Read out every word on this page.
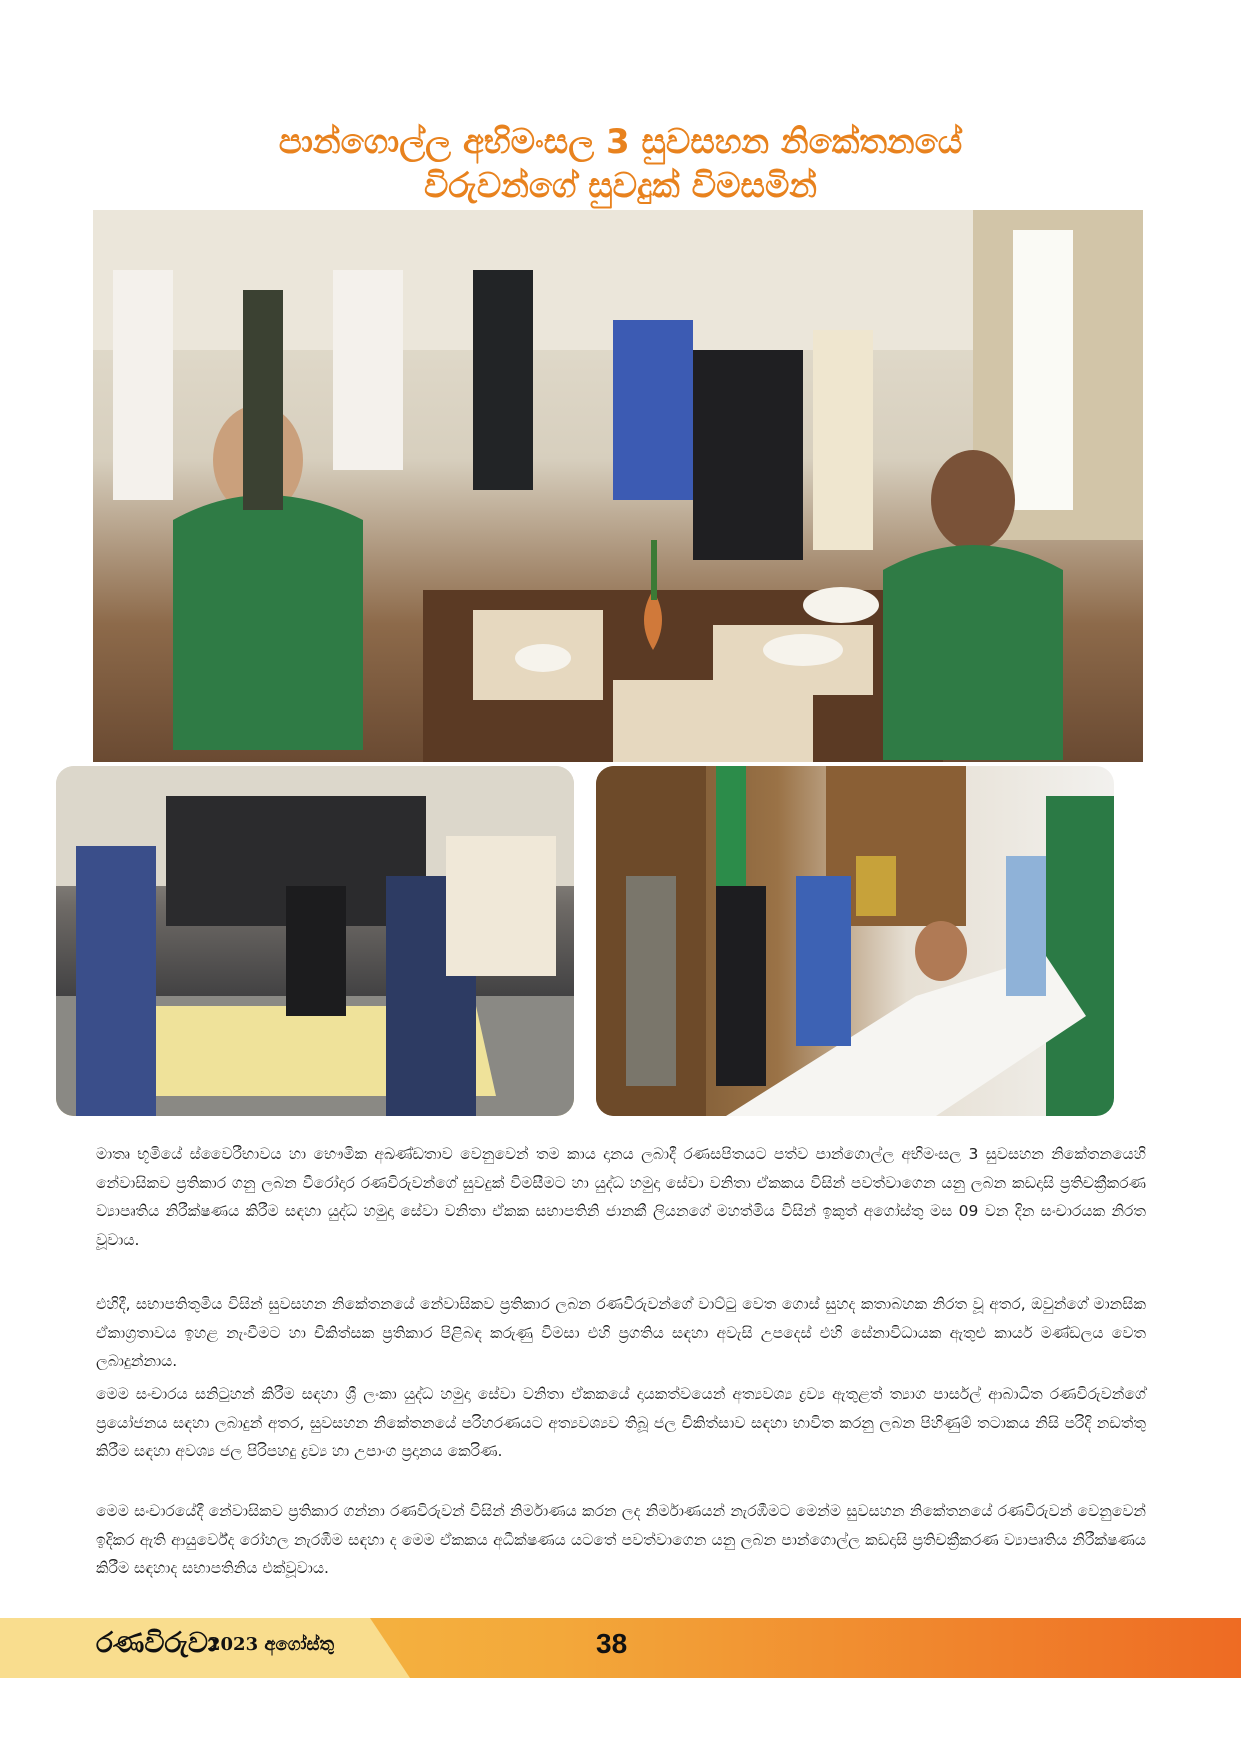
පාන්ගොල්ල අභිමංසල 3 සුවසහන නිකේතනයේ
විරුවන්ගේ සුවදුක් විමසමින්
මාතෘ භූමියේ ස්වෛරීභාවය හා භෞමික අඛණ්ඩතාව වෙනුවෙන් තම කාය දානය ලබාදී රණසපිතයට පත්ව පාන්ගොල්ල අභිමංසල 3 සුවසහන නිකේතනයෙහි නේවාසිකව ප්‍රතිකාර ගනු ලබන වීරෝදාර රණවිරුවන්ගේ සුවදුක් විමසීමට හා යුද්ධ හමුදා සේවා වනිතා ඒකකය විසින් පවත්වාගෙන යනු ලබන කඩදාසි ප්‍රතිචක්‍රීකරණ ව්‍යාපෘතිය නිරීක්ෂණය කිරීම සඳහා යුද්ධ හමුදා සේවා වනිතා ඒකක සභාපතිනි ජානකී ලියනගේ මහත්මිය විසින් ඉකුත් අගෝස්තු මස 09 වන දින සංචාරයක නිරත වූවාය.
එහිදී, සභාපතිතුමිය විසින් සුවසහන නිකේතනයේ නේවාසිකව ප්‍රතිකාර ලබන රණවිරුවන්ගේ වාට්ටු වෙත ගොස් සුහද කතාබහක නිරත වූ අතර, ඔවුන්ගේ මානසික ඒකාග්‍රතාවය ඉහළ නැංවීමට හා චිකිත්සක ප්‍රතිකාර පිළිබඳ කරුණු විමසා එහි ප්‍රගතිය සඳහා අවැසි උපදෙස් එහි සේනාවිධායක ඇතුළු කාර්ය මණ්ඩලය වෙත ලබාදුන්නාය.
මෙම සංචාරය සනිටුහන් කිරීම සඳහා ශ්‍රී ලංකා යුද්ධ හමුදා සේවා වනිතා ඒකකයේ දායකත්වයෙන් අත්‍යවශ්‍ය ද්‍රව්‍ය ඇතුළත් ත්‍යාග පාර්සල් ආබාධිත රණවිරුවන්ගේ ප්‍රයෝජනය සඳහා ලබාදුන් අතර, සුවසහන නිකේතනයේ පරිහරණයට අත්‍යවශ්‍යව තිබූ ජල චිකිත්සාව සඳහා භාවිත කරනු ලබන පිහිණුම් තටාකය නිසි පරිදි නඩත්තු කිරීම සඳහා අවශ්‍ය ජල පිරිපහදු ද්‍රව්‍ය හා උපාංග ප්‍රදානය කෙරිණ.
මෙම සංචාරයේදී නේවාසිකව ප්‍රතිකාර ගන්නා රණවිරුවන් විසින් නිර්මාණය කරන ලද නිර්මාණයන් නැරඹීමට මෙන්ම සුවසහන නිකේතනයේ රණවිරුවන් වෙනුවෙන් ඉදිකර ඇති ආයුර්වේද රෝහල නැරඹීම සඳහා ද මෙම ඒකකය අධීක්ෂණය යටතේ පවත්වාගෙන යනු ලබන පාන්ගොල්ල කඩදාසි ප්‍රතිචක්‍රීකරණ ව්‍යාපෘතිය නිරීක්ෂණය කිරීම සඳහාද සභාපතිනිය එක්වූවාය.
රණවිරුවා
2023 අගෝස්තු	38
